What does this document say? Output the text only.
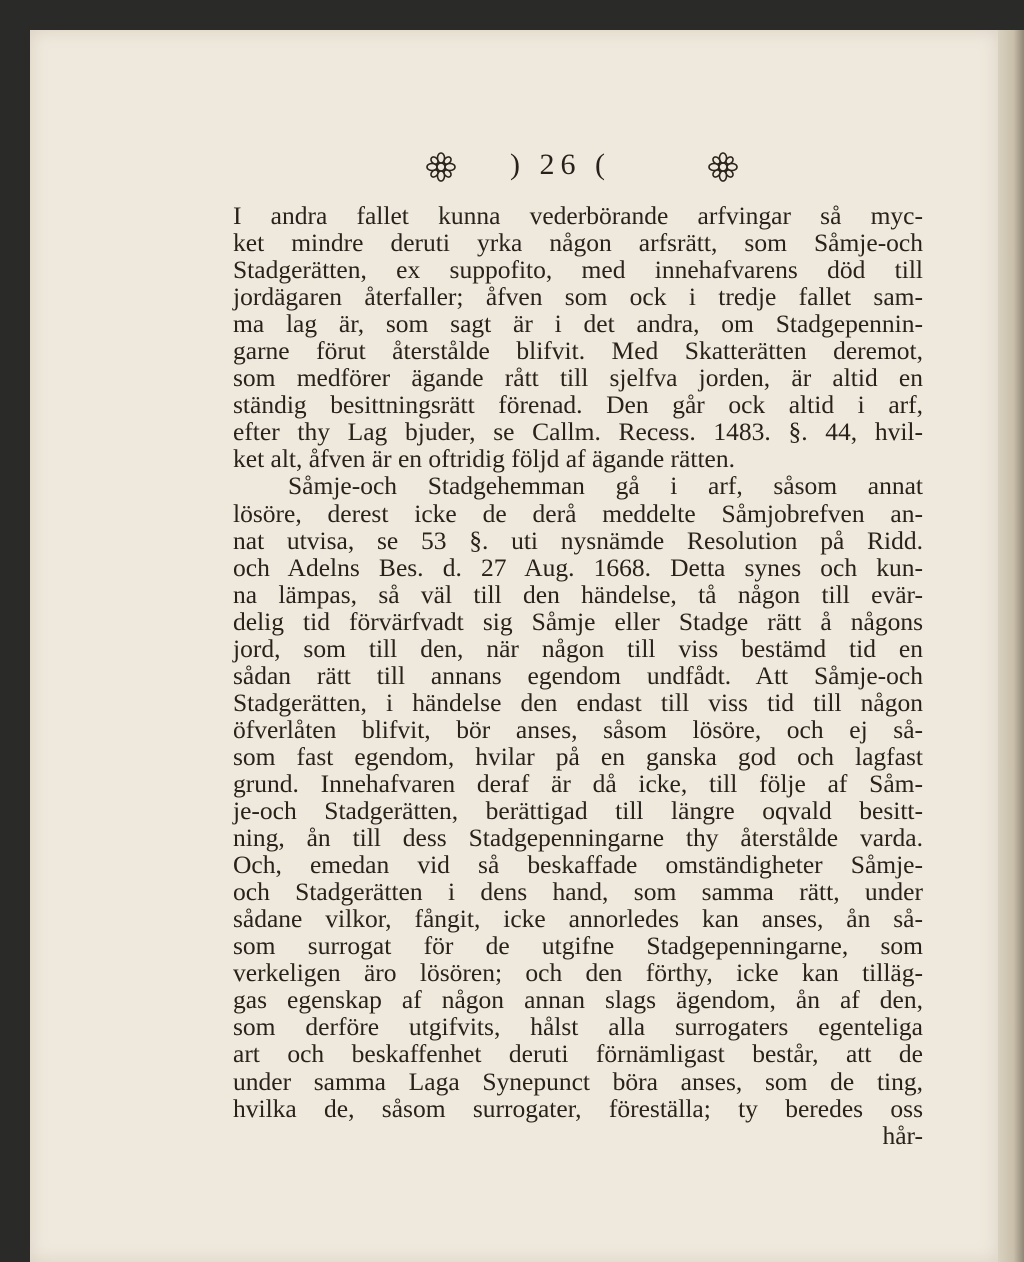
) 26 (
I andra fallet kunna vederbörande arfvingar så myc-
ket mindre deruti yrka någon arfsrätt, som Såmje-och
Stadgerätten, ex suppofito, med innehafvarens död till
jordägaren återfaller; åfven som ock i tredje fallet sam-
ma lag är, som sagt är i det andra, om Stadgepennin-
garne förut återstålde blifvit. Med Skatterätten deremot,
som medförer ägande rått till sjelfva jorden, är altid en
ständig besittningsrätt förenad. Den går ock altid i arf,
efter thy Lag bjuder, se Callm. Recess. 1483. §. 44, hvil-
ket alt, åfven är en oftridig följd af ägande rätten.
Såmje-och Stadgehemman gå i arf, såsom annat
lösöre, derest icke de derå meddelte Såmjobrefven an-
nat utvisa, se 53 §. uti nysnämde Resolution på Ridd.
och Adelns Bes. d. 27 Aug. 1668. Detta synes och kun-
na lämpas, så väl till den händelse, tå någon till evär-
delig tid förvärfvadt sig Såmje eller Stadge rätt å någons
jord, som till den, när någon till viss bestämd tid en
sådan rätt till annans egendom undfådt. Att Såmje-och
Stadgerätten, i händelse den endast till viss tid till någon
öfverlåten blifvit, bör anses, såsom lösöre, och ej så-
som fast egendom, hvilar på en ganska god och lagfast
grund. Innehafvaren deraf är då icke, till följe af Såm-
je-och Stadgerätten, berättigad till längre oqvald besitt-
ning, ån till dess Stadgepenningarne thy återstålde varda.
Och, emedan vid så beskaffade omständigheter Såmje-
och Stadgerätten i dens hand, som samma rätt, under
sådane vilkor, fångit, icke annorledes kan anses, ån så-
som surrogat för de utgifne Stadgepenningarne, som
verkeligen äro lösören; och den förthy, icke kan tilläg-
gas egenskap af någon annan slags ägendom, ån af den,
som derföre utgifvits, hålst alla surrogaters egenteliga
art och beskaffenhet deruti förnämligast består, att de
under samma Laga Synepunct böra anses, som de ting,
hvilka de, såsom surrogater, föreställa; ty beredes oss
hår-
